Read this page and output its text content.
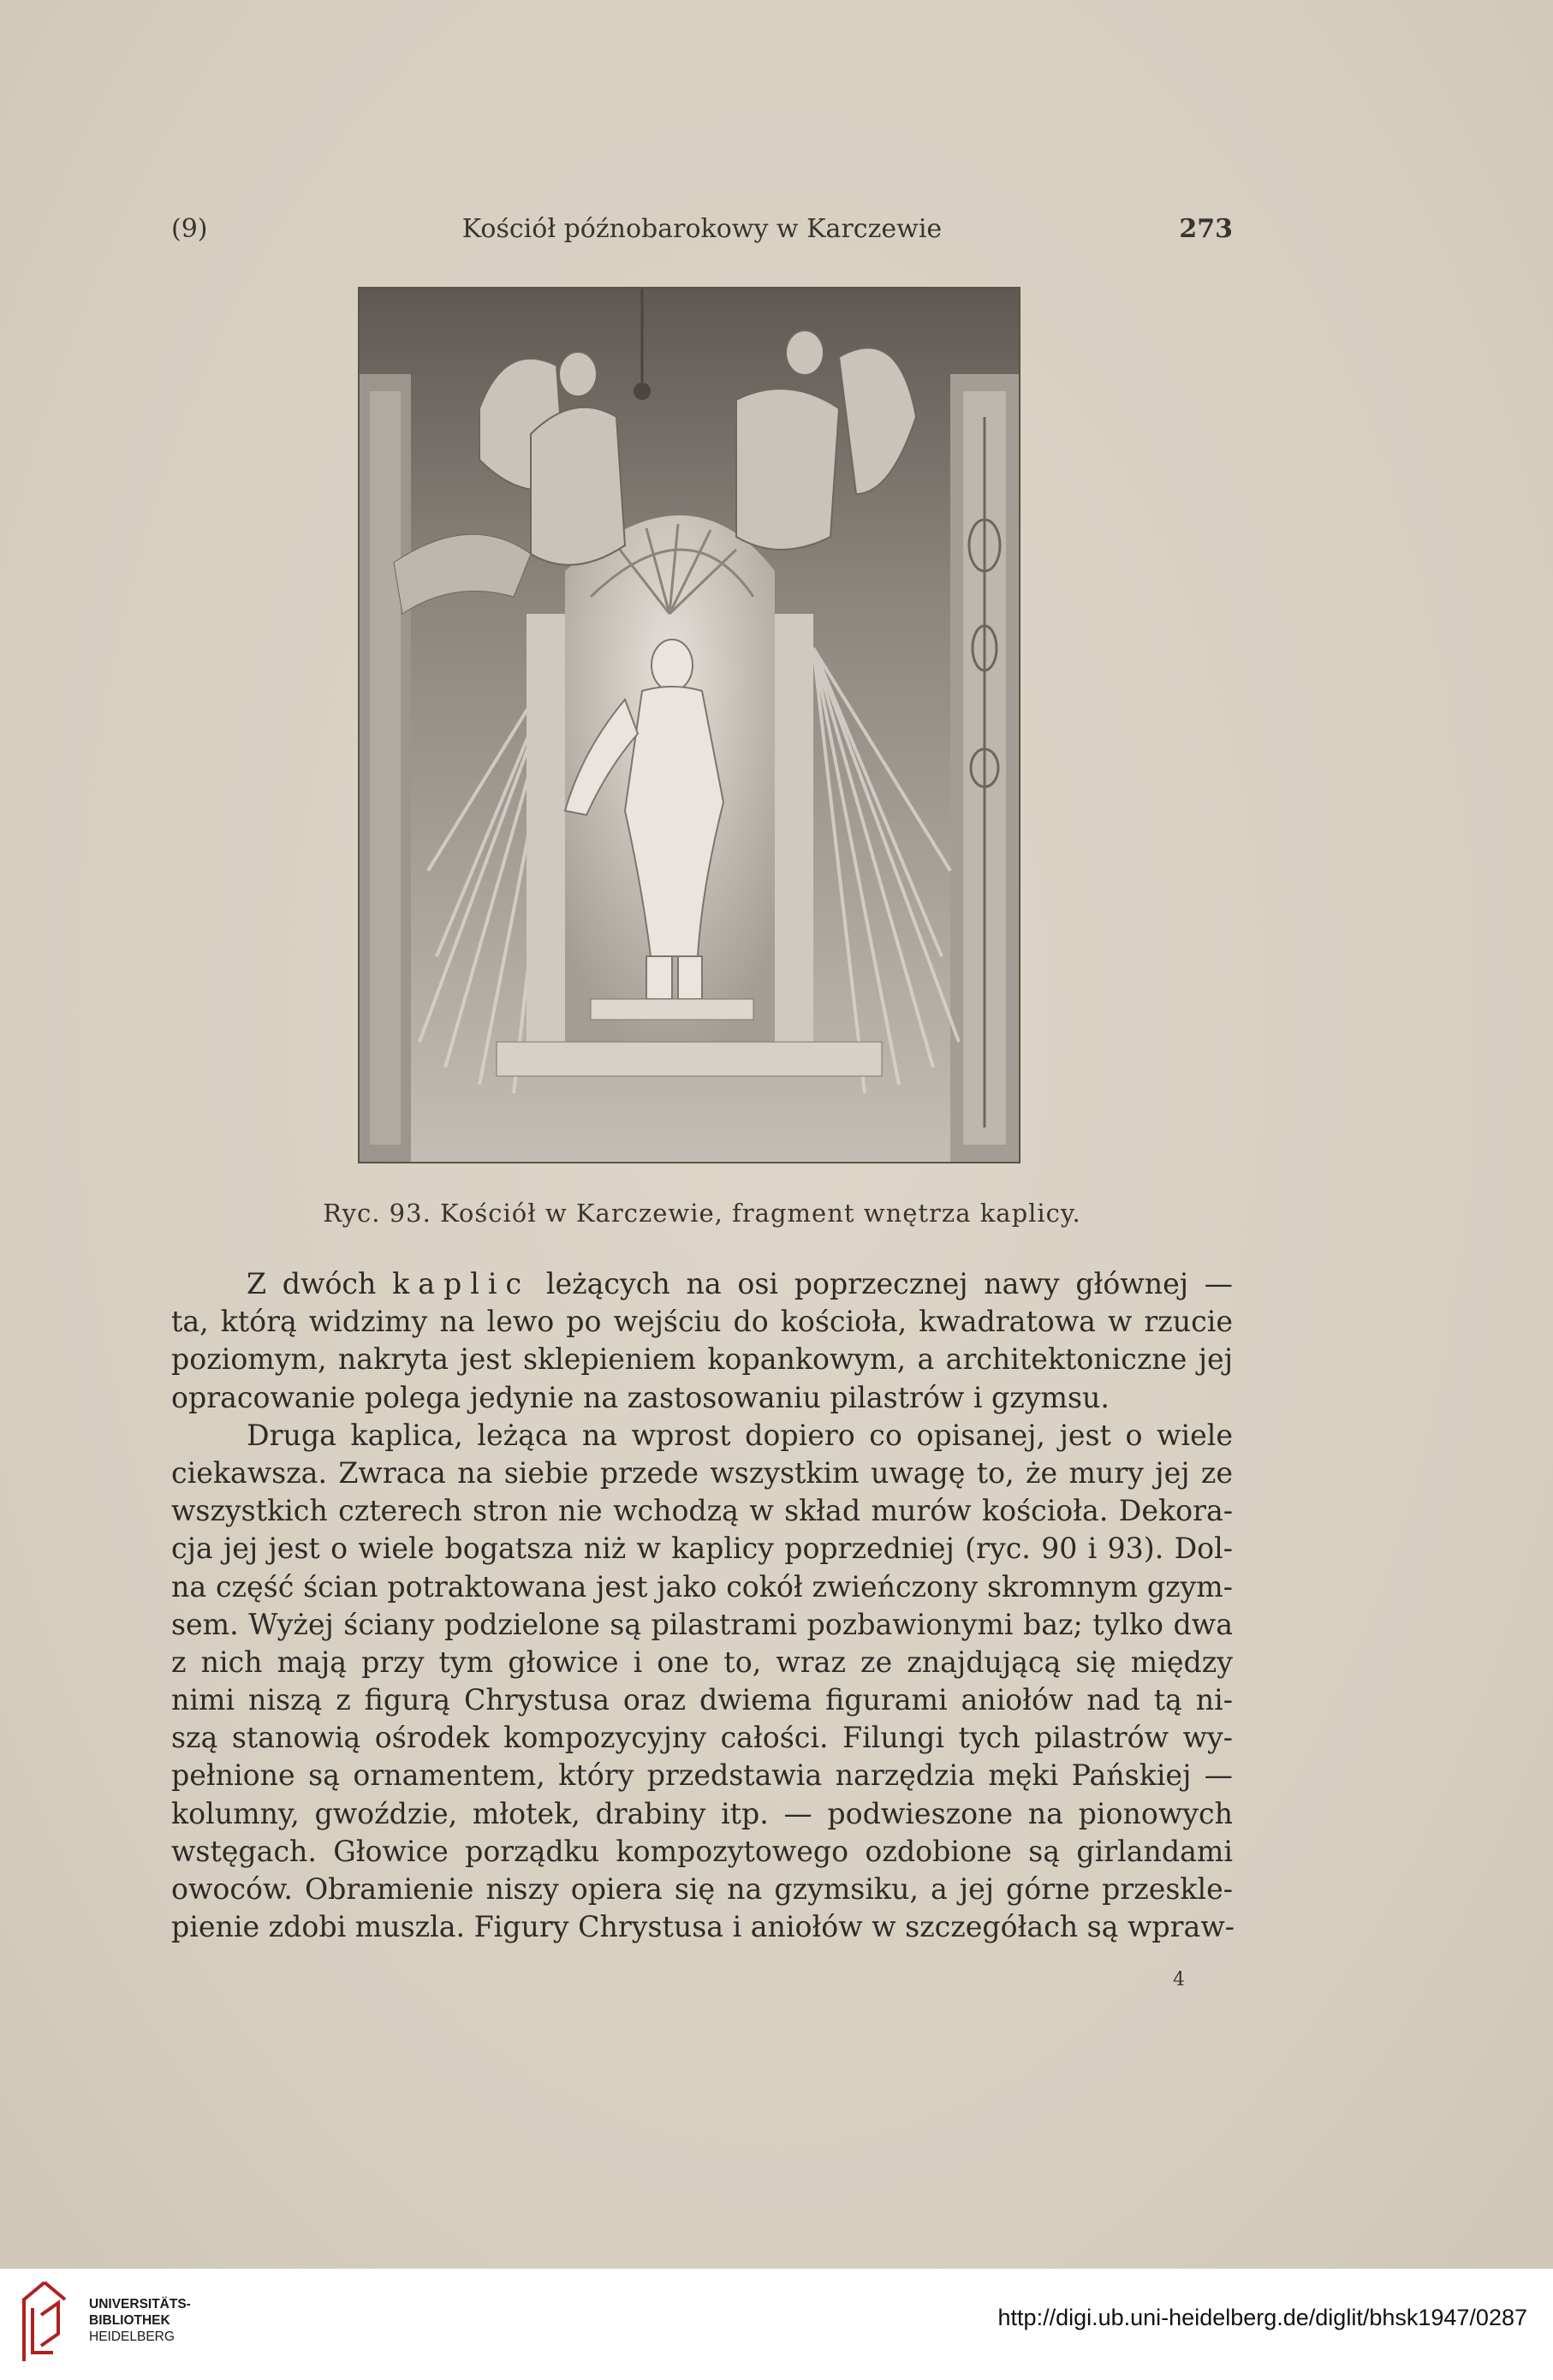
(9)	Kościół późnobarokowy w Karczewie	273
Ryc. 93. Kościół w Karczewie, fragment wnętrza kaplicy.
Z dwóch kaplic leżących na osi poprzecznej nawy głównej —
ta, którą widzimy na lewo po wejściu do kościoła, kwadratowa w rzucie
poziomym, nakryta jest sklepieniem kopankowym, a architektoniczne jej
opracowanie polega jedynie na zastosowaniu pilastrów i gzymsu.
Druga kaplica, leżąca na wprost dopiero co opisanej, jest o wiele
ciekawsza. Zwraca na siebie przede wszystkim uwagę to, że mury jej ze
wszystkich czterech stron nie wchodzą w skład murów kościoła. Dekora-
cja jej jest o wiele bogatsza niż w kaplicy poprzedniej (ryc. 90 i 93). Dol-
na część ścian potraktowana jest jako cokół zwieńczony skromnym gzym-
sem. Wyżej ściany podzielone są pilastrami pozbawionymi baz; tylko dwa
z nich mają przy tym głowice i one to, wraz ze znajdującą się między
nimi niszą z figurą Chrystusa oraz dwiema figurami aniołów nad tą ni-
szą stanowią ośrodek kompozycyjny całości. Filungi tych pilastrów wy-
pełnione są ornamentem, który przedstawia narzędzia męki Pańskiej —
kolumny, gwoździe, młotek, drabiny itp. — podwieszone na pionowych
wstęgach. Głowice porządku kompozytowego ozdobione są girlandami
owoców. Obramienie niszy opiera się na gzymsiku, a jej górne przeskle-
pienie zdobi muszla. Figury Chrystusa i aniołów w szczegółach są wpraw-
4
UNIVERSITÄTS-
BIBLIOTHEK
HEIDELBERG
http://digi.ub.uni-heidelberg.de/diglit/bhsk1947/0287
